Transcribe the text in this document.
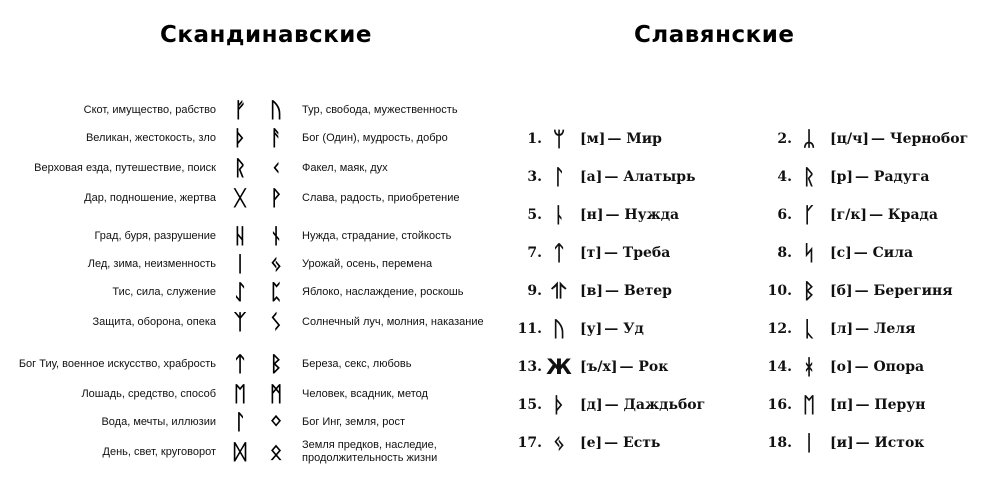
Скандинавские	Славянские
Скот, имущество, рабство ᚠ	ᚢ	Тур, свобода, мужественность
Великан, жестокость, зло ᚦ	ᚨ	Бог (Один), мудрость, добро
Верховая езда, путешествие, поиск ᚱ	ᚲ	Факел, маяк, дух
Дар, подношение, жертва ᚷ	ᚹ	Слава, радость, приобретение
Град, буря, разрушение ᚺ	ᚾ	Нужда, страдание, стойкость
Лед, зима, неизменность ᛁ	ᛃ	Урожай, осень, перемена
Тис, сила, служение ᛇ	ᛈ	Яблоко, наслаждение, роскошь
Защита, оборона, опека ᛉ	ᛊ	Солнечный луч, молния, наказание
Бог Тиу, военное искусство, храбрость ᛏ	ᛒ	Береза, секс, любовь
Лошадь, средство, способ ᛖ	ᛗ	Человек, всадник, метод
Вода, мечты, иллюзии ᛚ	ᛜ	Бог Инг, земля, рост
День, свет, круговорот ᛞ	ᛟ	Земля предков, наследие, продолжительность жизни
1. ᛘ	[м] — Мир	2. ᛦ	[ц/ч] — Чернобог
3. ᛚ	[а] — Алатырь	4. ᚱ	[р] — Радуга
5. ᚿ	[н] — Нужда	6. ᚴ	[г/к] — Крада
7. ᛏ	[т] — Треба	8. ᛋ	[с] — Сила
9. ⥣ [в] — Ветер	10. ᛒ	[б] — Берегиня
11. ᚢ	[у] — Уд	12. ᚳ	[л] — Леля
13. Ж [ъ/х] — Рок	14. ᚼ	[о] — Опора
15. ᚦ	[д] — Даждьбог	16. ᛖ	[п] — Перун
17. ᛃ	[е] — Есть	18. ᛁ	[и] — Исток
